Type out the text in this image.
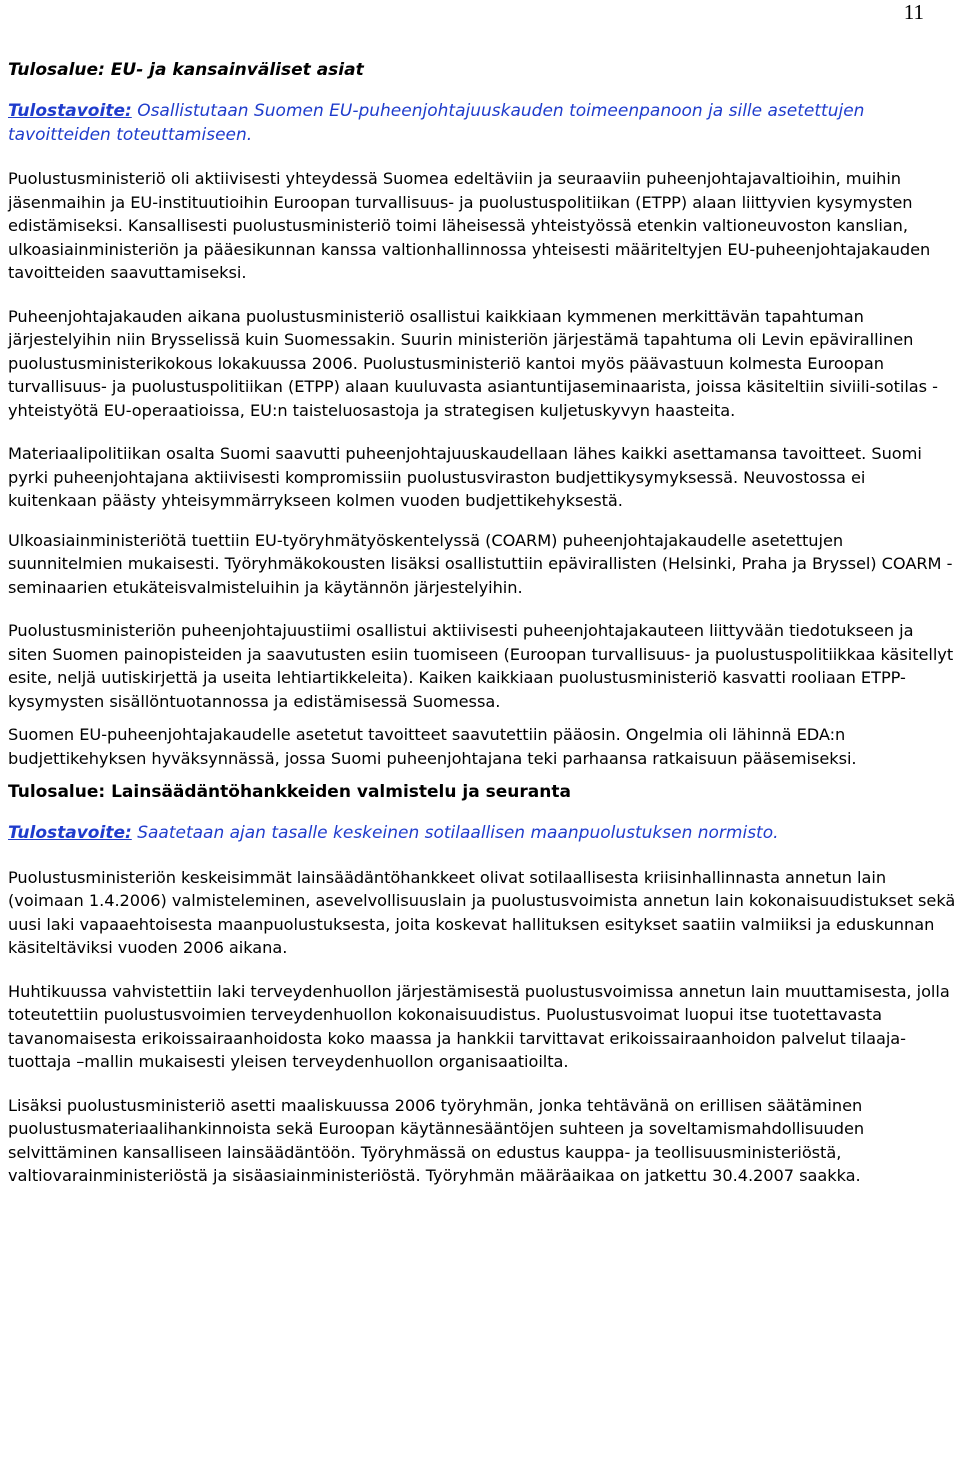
11
Tulosalue: EU- ja kansainväliset asiat

Tulostavoite: Osallistutaan Suomen EU-puheenjohtajuuskauden toimeenpanoon ja sille asetettujen tavoitteiden toteuttamiseen.

Puolustusministeriö oli aktiivisesti yhteydessä Suomea edeltäviin ja seuraaviin puheenjohtajavaltioihin, muihin jäsenmaihin ja EU-instituutioihin Euroopan turvallisuus- ja puolustuspolitiikan (ETPP) alaan liittyvien kysymysten edistämiseksi. Kansallisesti puolustusministeriö toimi läheisessä yhteistyössä etenkin valtioneuvoston kanslian, ulkoasiainministeriön ja pääesikunnan kanssa valtionhallinnossa yhteisesti määriteltyjen EU-puheenjohtajakauden tavoitteiden saavuttamiseksi.

Puheenjohtajakauden aikana puolustusministeriö osallistui kaikkiaan kymmenen merkittävän tapahtuman järjestelyihin niin Brysselissä kuin Suomessakin. Suurin ministeriön järjestämä tapahtuma oli Levin epävirallinen puolustusministerikokous lokakuussa 2006. Puolustusministeriö kantoi myös päävastuun kolmesta Euroopan turvallisuus- ja puolustuspolitiikan (ETPP) alaan kuuluvasta asiantuntijaseminaarista, joissa käsiteltiin siviili-sotilas -yhteistyötä EU-operaatioissa, EU:n taisteluosastoja ja strategisen kuljetuskyvyn haasteita.

Materiaalipolitiikan osalta Suomi saavutti puheenjohtajuuskaudellaan lähes kaikki asettamansa tavoitteet. Suomi pyrki puheenjohtajana aktiivisesti kompromissiin puolustusviraston budjettikysymyksessä. Neuvostossa ei kuitenkaan päästy yhteisymmärrykseen kolmen vuoden budjettikehyksestä.

Ulkoasiainministeriötä tuettiin EU-työryhmätyöskentelyssä (COARM) puheenjohtajakaudelle asetettujen suunnitelmien mukaisesti. Työryhmäkokousten lisäksi osallistuttiin epävirallisten (Helsinki, Praha ja Bryssel) COARM -seminaarien etukäteisvalmisteluihin ja käytännön järjestelyihin.

Puolustusministeriön puheenjohtajuustiimi osallistui aktiivisesti puheenjohtajakauteen liittyvään tiedotukseen ja siten Suomen painopisteiden ja saavutusten esiin tuomiseen (Euroopan turvallisuus- ja puolustuspolitiikkaa käsitellyt esite, neljä uutiskirjettä ja useita lehtiartikkeleita). Kaiken kaikkiaan puolustusministeriö kasvatti rooliaan ETPP-kysymysten sisällöntuotannossa ja edistämisessä Suomessa.

Suomen EU-puheenjohtajakaudelle asetetut tavoitteet saavutettiin pääosin. Ongelmia oli lähinnä EDA:n budjettikehyksen hyväksynnässä, jossa Suomi puheenjohtajana teki parhaansa ratkaisuun pääsemiseksi.

Tulosalue: Lainsäädäntöhankkeiden valmistelu ja seuranta

Tulostavoite: Saatetaan ajan tasalle keskeinen sotilaallisen maanpuolustuksen normisto.

Puolustusministeriön keskeisimmät lainsäädäntöhankkeet olivat sotilaallisesta kriisinhallinnasta annetun lain (voimaan 1.4.2006) valmisteleminen, asevelvollisuuslain ja puolustusvoimista annetun lain kokonaisuudistukset sekä uusi laki vapaaehtoisesta maanpuolustuksesta, joita koskevat hallituksen esitykset saatiin valmiiksi ja eduskunnan käsiteltäviksi vuoden 2006 aikana.

Huhtikuussa vahvistettiin laki terveydenhuollon järjestämisestä puolustusvoimissa annetun lain muuttamisesta, jolla toteutettiin puolustusvoimien terveydenhuollon kokonaisuudistus. Puolustusvoimat luopui itse tuotettavasta tavanomaisesta erikoissairaanhoidosta koko maassa ja hankkii tarvittavat erikoissairaanhoidon palvelut tilaaja- tuottaja –mallin mukaisesti yleisen terveydenhuollon organisaatioilta.

Lisäksi puolustusministeriö asetti maaliskuussa 2006 työryhmän, jonka tehtävänä on erillisen säätäminen puolustusmateriaalihankinnoista sekä Euroopan käytännesääntöjen suhteen ja soveltamismahdollisuuden selvittäminen kansalliseen lainsäädäntöön. Työryhmässä on edustus kauppa- ja teollisuusministeriöstä, valtiovarainministeriöstä ja sisäasiainministeriöstä. Työryhmän määräaikaa on jatkettu 30.4.2007 saakka.
